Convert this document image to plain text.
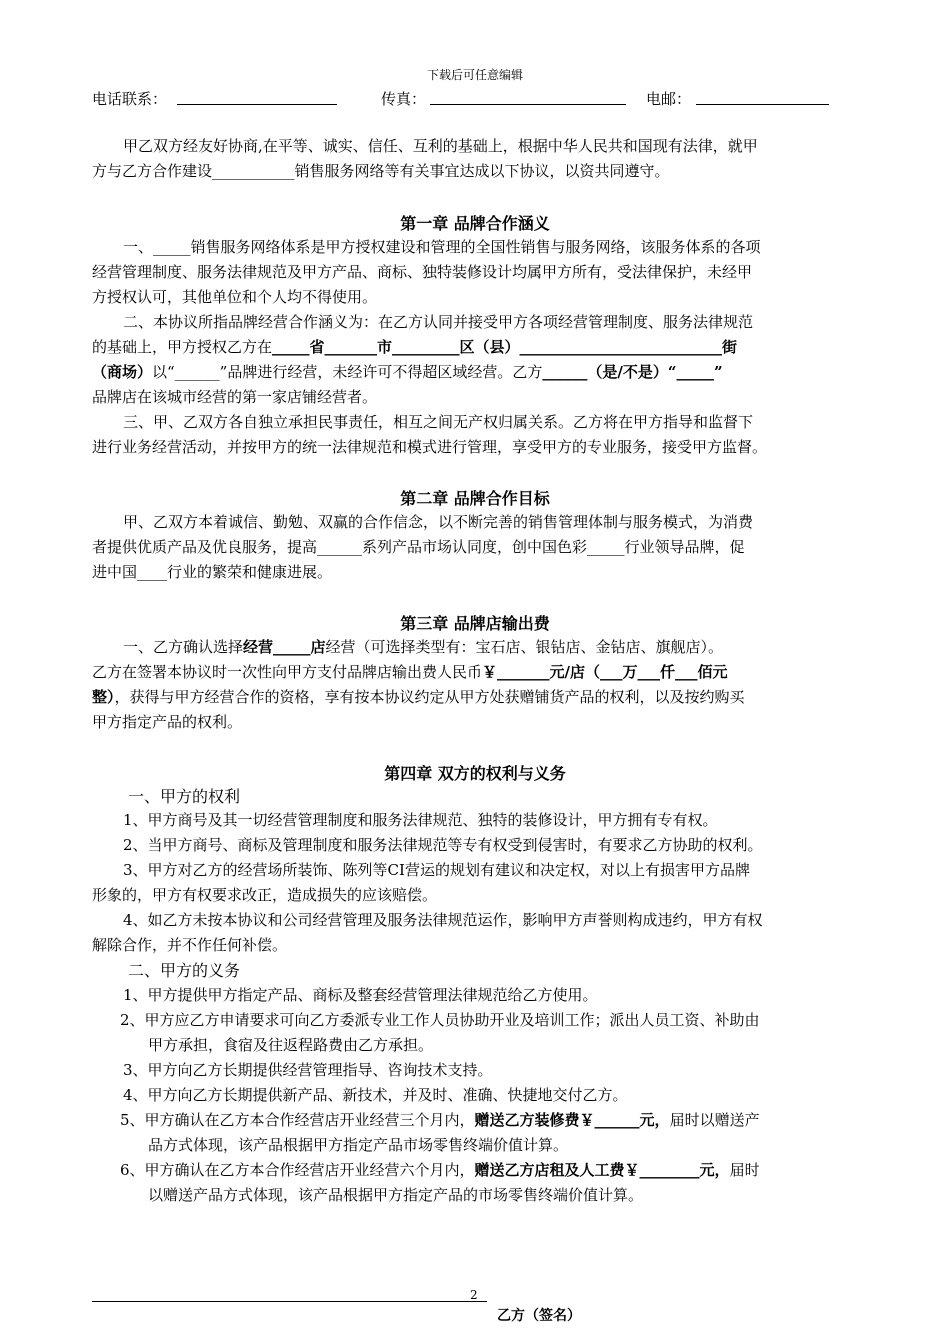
下载后可任意编辑
电话联系：	传真：	电邮：
甲乙双方经友好协商,在平等、诚实、信任、互利的基础上，根据中华人民共和国现有法律，就甲
方与乙方合作建设___________销售服务网络等有关事宜达成以下协议，以资共同遵守。
第一章 品牌合作涵义
一、_____销售服务网络体系是甲方授权建设和管理的全国性销售与服务网络，该服务体系的各项
经营管理制度、服务法律规范及甲方产品、商标、独特装修设计均属甲方所有，受法律保护，未经甲
方授权认可，其他单位和个人均不得使用。
二、本协议所指品牌经营合作涵义为：在乙方认同并接受甲方各项经营管理制度、服务法律规范
的基础上，甲方授权乙方在_____省_______市_________区（县）___________________________街
（商场）以“______”品牌进行经营，未经许可不得超区域经营。乙方______（是/不是）“_____”
品牌店在该城市经营的第一家店铺经营者。
三、甲、乙双方各自独立承担民事责任，相互之间无产权归属关系。乙方将在甲方指导和监督下
进行业务经营活动，并按甲方的统一法律规范和模式进行管理，享受甲方的专业服务，接受甲方监督。
第二章 品牌合作目标
甲、乙双方本着诚信、勤勉、双赢的合作信念，以不断完善的销售管理体制与服务模式，为消费
者提供优质产品及优良服务，提高______系列产品市场认同度，创中国色彩_____行业领导品牌，促
进中国____行业的繁荣和健康进展。
第三章 品牌店输出费
一、乙方确认选择经营_____店经营（可选择类型有：宝石店、银钻店、金钻店、旗舰店）。
乙方在签署本协议时一次性向甲方支付品牌店输出费人民币￥_______元/店（___万___仟___佰元
整），获得与甲方经营合作的资格，享有按本协议约定从甲方处获赠铺货产品的权利，以及按约购买
甲方指定产品的权利。
第四章 双方的权利与义务
一、甲方的权利
1、甲方商号及其一切经营管理制度和服务法律规范、独特的装修设计，甲方拥有专有权。
2、当甲方商号、商标及管理制度和服务法律规范等专有权受到侵害时，有要求乙方协助的权利。
3、甲方对乙方的经营场所装饰、陈列等CI营运的规划有建议和决定权，对以上有损害甲方品牌
形象的，甲方有权要求改正，造成损失的应该赔偿。
4、如乙方未按本协议和公司经营管理及服务法律规范运作，影响甲方声誉则构成违约，甲方有权
解除合作，并不作任何补偿。
二、甲方的义务
1、甲方提供甲方指定产品、商标及整套经营管理法律规范给乙方使用。
2、甲方应乙方申请要求可向乙方委派专业工作人员协助开业及培训工作；派出人员工资、补助由
甲方承担，食宿及往返程路费由乙方承担。
3、甲方向乙方长期提供经营管理指导、咨询技术支持。
4、甲方向乙方长期提供新产品、新技术，并及时、准确、快捷地交付乙方。
5、甲方确认在乙方本合作经营店开业经营三个月内，赠送乙方装修费￥______元，届时以赠送产
品方式体现，该产品根据甲方指定产品市场零售终端价值计算。
6、甲方确认在乙方本合作经营店开业经营六个月内，赠送乙方店租及人工费￥________元，届时
以赠送产品方式体现，该产品根据甲方指定产品的市场零售终端价值计算。
2
乙方（签名）
